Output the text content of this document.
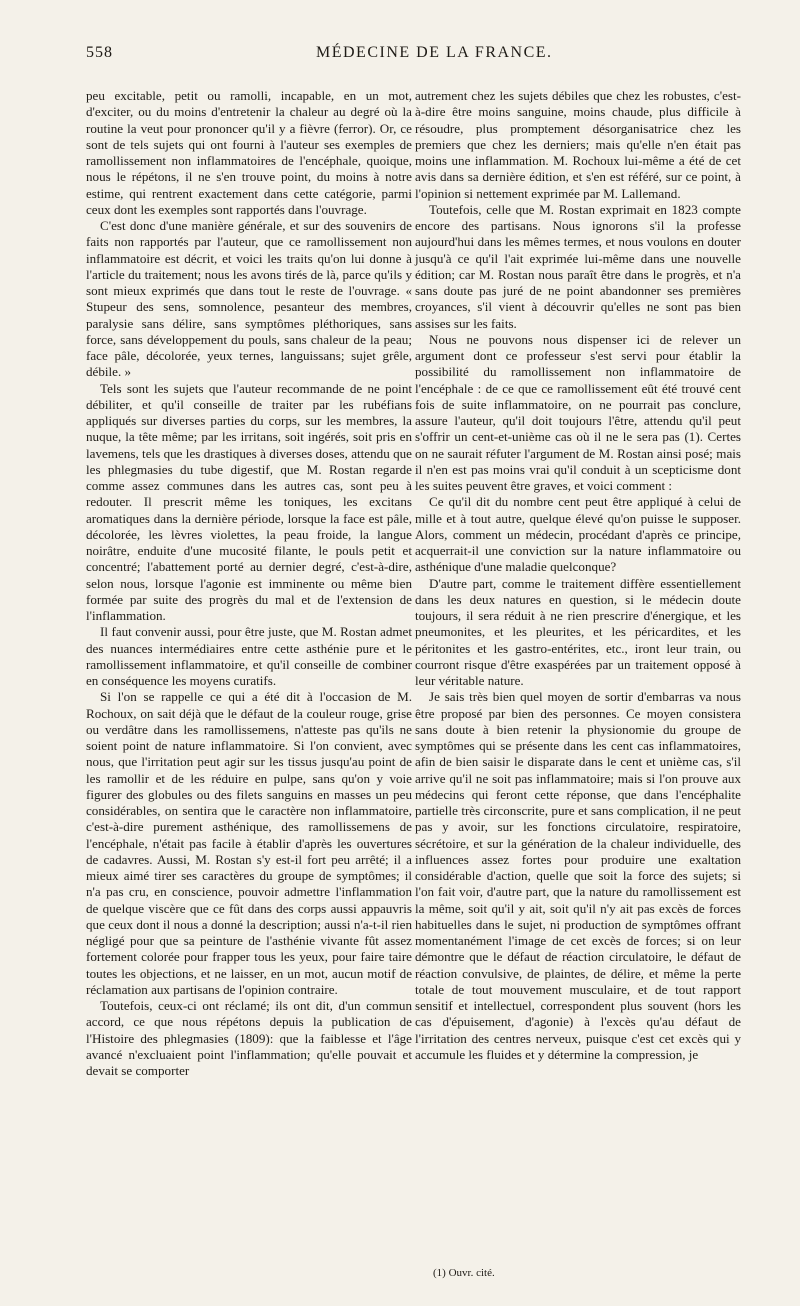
558	MÉDECINE DE LA FRANCE.

peu excitable, petit ou ramolli, incapable, en un mot, d'exciter, ou du moins d'entretenir la chaleur au degré où la routine la veut pour prononcer qu'il y a fièvre (ferror). Or, ce sont de tels sujets qui ont fourni à l'auteur ses exemples de ramollissement non inflammatoires de l'encéphale, quoique, nous le répétons, il ne s'en trouve point, du moins à notre estime, qui rentrent exactement dans cette catégorie, parmi ceux dont les exemples sont rapportés dans l'ouvrage.

C'est donc d'une manière générale, et sur des souvenirs de faits non rapportés par l'auteur, que ce ramollissement non inflammatoire est décrit, et voici les traits qu'on lui donne à l'article du traitement; nous les avons tirés de là, parce qu'ils y sont mieux exprimés que dans tout le reste de l'ouvrage. « Stupeur des sens, somnolence, pesanteur des membres, paralysie sans délire, sans symptômes pléthoriques, sans force, sans développement du pouls, sans chaleur de la peau; face pâle, décolorée, yeux ternes, languissans; sujet grêle, débile. »

Tels sont les sujets que l'auteur recommande de ne point débiliter, et qu'il conseille de traiter par les rubéfians appliqués sur diverses parties du corps, sur les membres, la nuque, la tête même; par les irritans, soit ingérés, soit pris en lavemens, tels que les drastiques à diverses doses, attendu que les phlegmasies du tube digestif, que M. Rostan regarde comme assez communes dans les autres cas, sont peu à redouter. Il prescrit même les toniques, les excitans aromatiques dans la dernière période, lorsque la face est pâle, décolorée, les lèvres violettes, la peau froide, la langue noirâtre, enduite d'une mucosité filante, le pouls petit et concentré; l'abattement porté au dernier degré, c'est-à-dire, selon nous, lorsque l'agonie est imminente ou même bien formée par suite des progrès du mal et de l'extension de l'inflammation.

Il faut convenir aussi, pour être juste, que M. Rostan admet des nuances intermédiaires entre cette asthénie pure et le ramollissement inflammatoire, et qu'il conseille de combiner en conséquence les moyens curatifs.

Si l'on se rappelle ce qui a été dit à l'occasion de M. Rochoux, on sait déjà que le défaut de la couleur rouge, grise ou verdâtre dans les ramollissemens, n'atteste pas qu'ils ne soient point de nature inflammatoire. Si l'on convient, avec nous, que l'irritation peut agir sur les tissus jusqu'au point de les ramollir et de les réduire en pulpe, sans qu'on y voie figurer des globules ou des filets sanguins en masses un peu considérables, on sentira que le caractère non inflammatoire, c'est-à-dire purement asthénique, des ramollissemens de l'encéphale, n'était pas facile à établir d'après les ouvertures de cadavres. Aussi, M. Rostan s'y est-il fort peu arrêté; il a mieux aimé tirer ses caractères du groupe de symptômes; il n'a pas cru, en conscience, pouvoir admettre l'inflammation de quelque viscère que ce fût dans des corps aussi appauvris que ceux dont il nous a donné la description; aussi n'a-t-il rien négligé pour que sa peinture de l'asthénie vivante fût assez fortement colorée pour frapper tous les yeux, pour faire taire toutes les objections, et ne laisser, en un mot, aucun motif de réclamation aux partisans de l'opinion contraire.

Toutefois, ceux-ci ont réclamé; ils ont dit, d'un commun accord, ce que nous répétons depuis la publication de l'Histoire des phlegmasies (1809): que la faiblesse et l'âge avancé n'excluaient point l'inflammation; qu'elle pouvait et devait se comporter

autrement chez les sujets débiles que chez les robustes, c'est-à-dire être moins sanguine, moins chaude, plus difficile à résoudre, plus promptement désorganisatrice chez les premiers que chez les derniers; mais qu'elle n'en était pas moins une inflammation. M. Rochoux lui-même a été de cet avis dans sa dernière édition, et s'en est référé, sur ce point, à l'opinion si nettement exprimée par M. Lallemand.

Toutefois, celle que M. Rostan exprimait en 1823 compte encore des partisans. Nous ignorons s'il la professe aujourd'hui dans les mêmes termes, et nous voulons en douter jusqu'à ce qu'il l'ait exprimée lui-même dans une nouvelle édition; car M. Rostan nous paraît être dans le progrès, et n'a sans doute pas juré de ne point abandonner ses premières croyances, s'il vient à découvrir qu'elles ne sont pas bien assises sur les faits.

Nous ne pouvons nous dispenser ici de relever un argument dont ce professeur s'est servi pour établir la possibilité du ramollissement non inflammatoire de l'encéphale : de ce que ce ramollissement eût été trouvé cent fois de suite inflammatoire, on ne pourrait pas conclure, assure l'auteur, qu'il doit toujours l'être, attendu qu'il peut s'offrir un cent-et-unième cas où il ne le sera pas (1). Certes on ne saurait réfuter l'argument de M. Rostan ainsi posé; mais il n'en est pas moins vrai qu'il conduit à un scepticisme dont les suites peuvent être graves, et voici comment :

Ce qu'il dit du nombre cent peut être appliqué à celui de mille et à tout autre, quelque élevé qu'on puisse le supposer. Alors, comment un médecin, procédant d'après ce principe, acquerrait-il une conviction sur la nature inflammatoire ou asthénique d'une maladie quelconque?

D'autre part, comme le traitement diffère essentiellement dans les deux natures en question, si le médecin doute toujours, il sera réduit à ne rien prescrire d'énergique, et les pneumonites, et les pleurites, et les péricardites, et les péritonites et les gastro-entérites, etc., iront leur train, ou courront risque d'être exaspérées par un traitement opposé à leur véritable nature.

Je sais très bien quel moyen de sortir d'embarras va nous être proposé par bien des personnes. Ce moyen consistera sans doute à bien retenir la physionomie du groupe de symptômes qui se présente dans les cent cas inflammatoires, afin de bien saisir le disparate dans le cent et unième cas, s'il arrive qu'il ne soit pas inflammatoire; mais si l'on prouve aux médecins qui feront cette réponse, que dans l'encéphalite partielle très circonscrite, pure et sans complication, il ne peut pas y avoir, sur les fonctions circulatoire, respiratoire, sécrétoire, et sur la génération de la chaleur individuelle, des influences assez fortes pour produire une exaltation considérable d'action, quelle que soit la force des sujets; si l'on fait voir, d'autre part, que la nature du ramollissement est la même, soit qu'il y ait, soit qu'il n'y ait pas excès de forces habituelles dans le sujet, ni production de symptômes offrant momentanément l'image de cet excès de forces; si on leur démontre que le défaut de réaction circulatoire, le défaut de réaction convulsive, de plaintes, de délire, et même la perte totale de tout mouvement musculaire, et de tout rapport sensitif et intellectuel, correspondent plus souvent (hors les cas d'épuisement, d'agonie) à l'excès qu'au défaut de l'irritation des centres nerveux, puisque c'est cet excès qui y accumule les fluides et y détermine la compression, je

(1) Ouvr. cité.
